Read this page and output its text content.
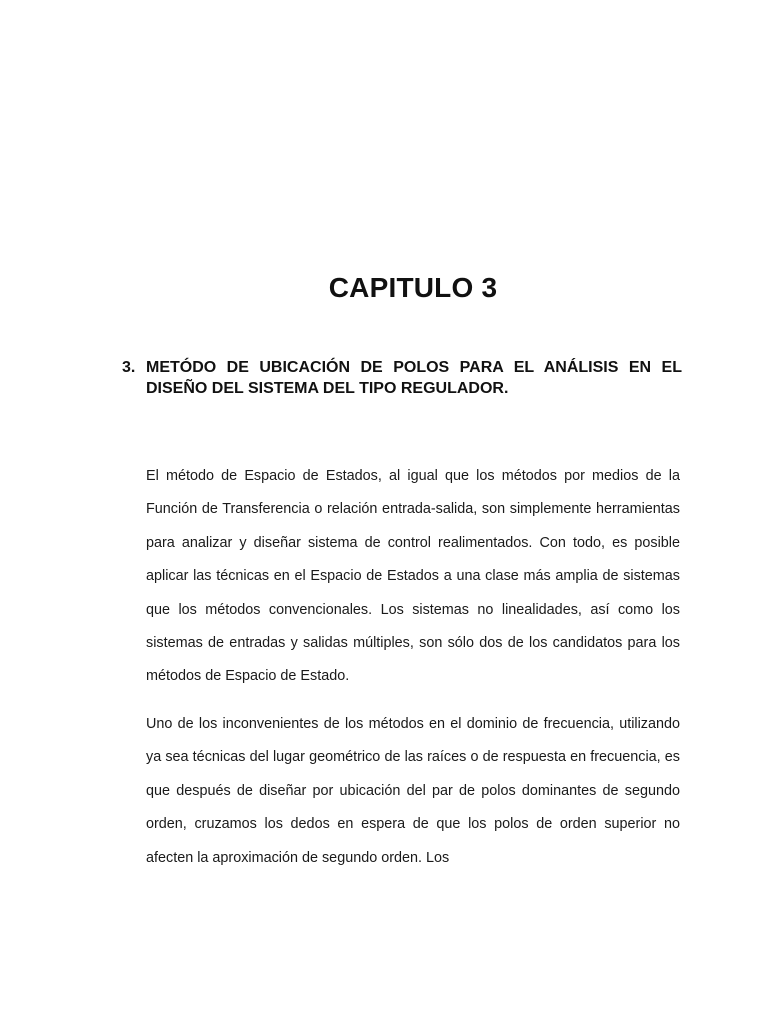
CAPITULO 3
3. METÓDO DE UBICACIÓN DE POLOS PARA EL ANÁLISIS EN EL DISEÑO DEL SISTEMA DEL TIPO REGULADOR.

El método de Espacio de Estados, al igual que los métodos por medios de la Función de Transferencia o relación entrada-salida, son simplemente herramientas para analizar y diseñar sistema de control realimentados. Con todo, es posible aplicar las técnicas en el Espacio de Estados a una clase más amplia de sistemas que los métodos convencionales. Los sistemas no linealidades, así como los sistemas de entradas y salidas múltiples, son sólo dos de los candidatos para los métodos de Espacio de Estado.

Uno de los inconvenientes de los métodos en el dominio de frecuencia, utilizando ya sea técnicas del lugar geométrico de las raíces o de respuesta en frecuencia, es que después de diseñar por ubicación del par de polos dominantes de segundo orden, cruzamos los dedos en espera de que los polos de orden superior no afecten la aproximación de segundo orden. Los
